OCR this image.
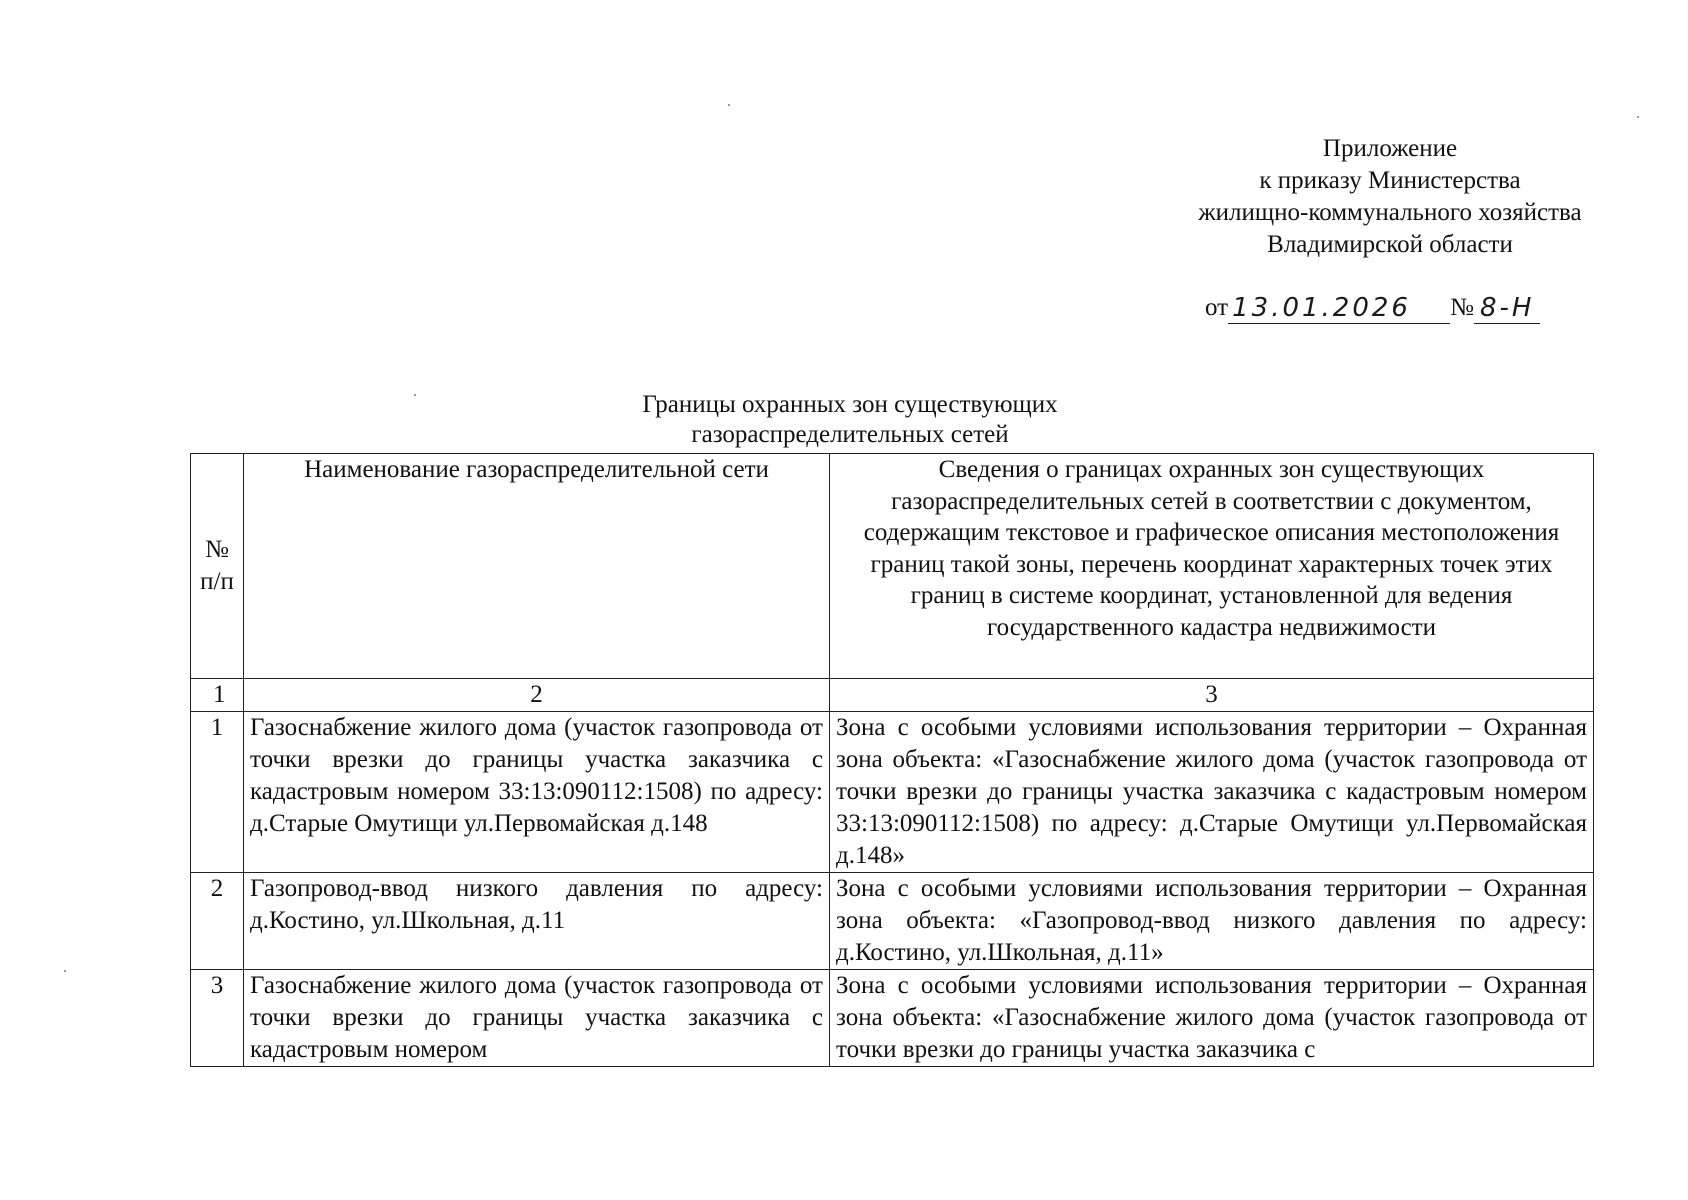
Приложение
к приказу Министерства
жилищно-коммунального хозяйства
Владимирской области
от 13.01.2026 № 8-Н
Границы охранных зон существующих
газораспределительных сетей
№ п/п	Наименование газораспределительной сети	Сведения о границах охранных зон существующих газораспределительных сетей в соответствии с документом, содержащим текстовое и графическое описания местоположения границ такой зоны, перечень координат характерных точек этих границ в системе координат, установленной для ведения государственного кадастра недвижимости
1	2	3
1	Газоснабжение жилого дома (участок газопровода от точки врезки до границы участка заказчика с кадастровым номером 33:13:090112:1508) по адресу: д.Старые Омутищи ул.Первомайская д.148	Зона с особыми условиями использования территории – Охранная зона объекта: «Газоснабжение жилого дома (участок газопровода от точки врезки до границы участка заказчика с кадастровым номером 33:13:090112:1508) по адресу: д.Старые Омутищи ул.Первомайская д.148»
2	Газопровод-ввод низкого давления по адресу: д.Костино, ул.Школьная, д.11	Зона с особыми условиями использования территории – Охранная зона объекта: «Газопровод-ввод низкого давления по адресу: д.Костино, ул.Школьная, д.11»
3	Газоснабжение жилого дома (участок газопровода от точки врезки до границы участка заказчика с кадастровым номером	Зона с особыми условиями использования территории – Охранная зона объекта: «Газоснабжение жилого дома (участок газопровода от точки врезки до границы участка заказчика с
